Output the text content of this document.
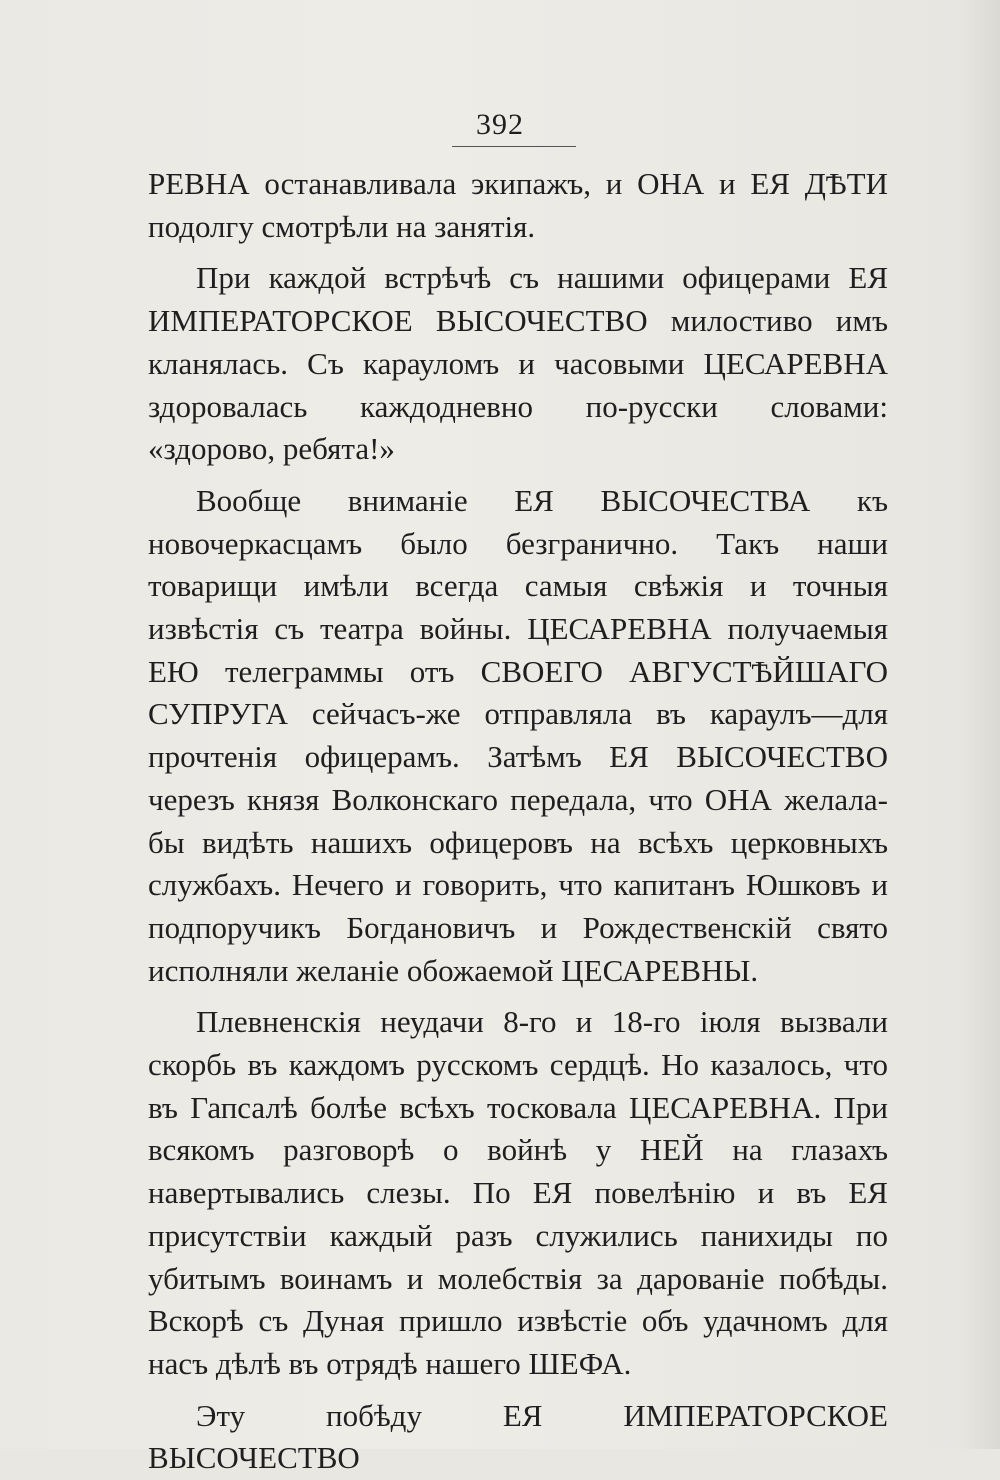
392

РЕВНА останавливала экипажъ, и ОНА и ЕЯ ДѢТИ подолгу смотрѣли на занятія.

При каждой встрѣчѣ съ нашими офицерами ЕЯ ИМПЕРАТОРСКОЕ ВЫСОЧЕСТВО милостиво имъ кланялась. Съ карауломъ и часовыми ЦЕСАРЕВНА здоровалась каждодневно по-русски словами: «здорово, ребята!»

Вообще вниманіе ЕЯ ВЫСОЧЕСТВА къ новочеркасцамъ было безгранично. Такъ наши товарищи имѣли всегда самыя свѣжія и точныя извѣстія съ театра войны. ЦЕСАРЕВНА получаемыя ЕЮ телеграммы отъ СВОЕГО АВГУСТѢЙШАГО СУПРУГА сейчасъ-же отправляла въ караулъ—для прочтенія офицерамъ. Затѣмъ ЕЯ ВЫСОЧЕСТВО черезъ князя Волконскаго передала, что ОНА желала-бы видѣть нашихъ офицеровъ на всѣхъ церковныхъ службахъ. Нечего и говорить, что капитанъ Юшковъ и подпоручикъ Богдановичъ и Рождественскій свято исполняли желаніе обожаемой ЦЕСАРЕВНЫ.

Плевненскія неудачи 8-го и 18-го іюля вызвали скорбь въ каждомъ русскомъ сердцѣ. Но казалось, что въ Гапсалѣ болѣе всѣхъ тосковала ЦЕСАРЕВНА. При всякомъ разговорѣ о войнѣ у НЕЙ на глазахъ навертывались слезы. По ЕЯ повелѣнію и въ ЕЯ присутствіи каждый разъ служились панихиды по убитымъ воинамъ и молебствія за дарованіе побѣды. Вскорѣ съ Дуная пришло извѣстіе объ удачномъ для насъ дѣлѣ въ отрядѣ нашего ШЕФА.

Эту побѣду ЕЯ ИМПЕРАТОРСКОЕ ВЫСОЧЕСТВО
